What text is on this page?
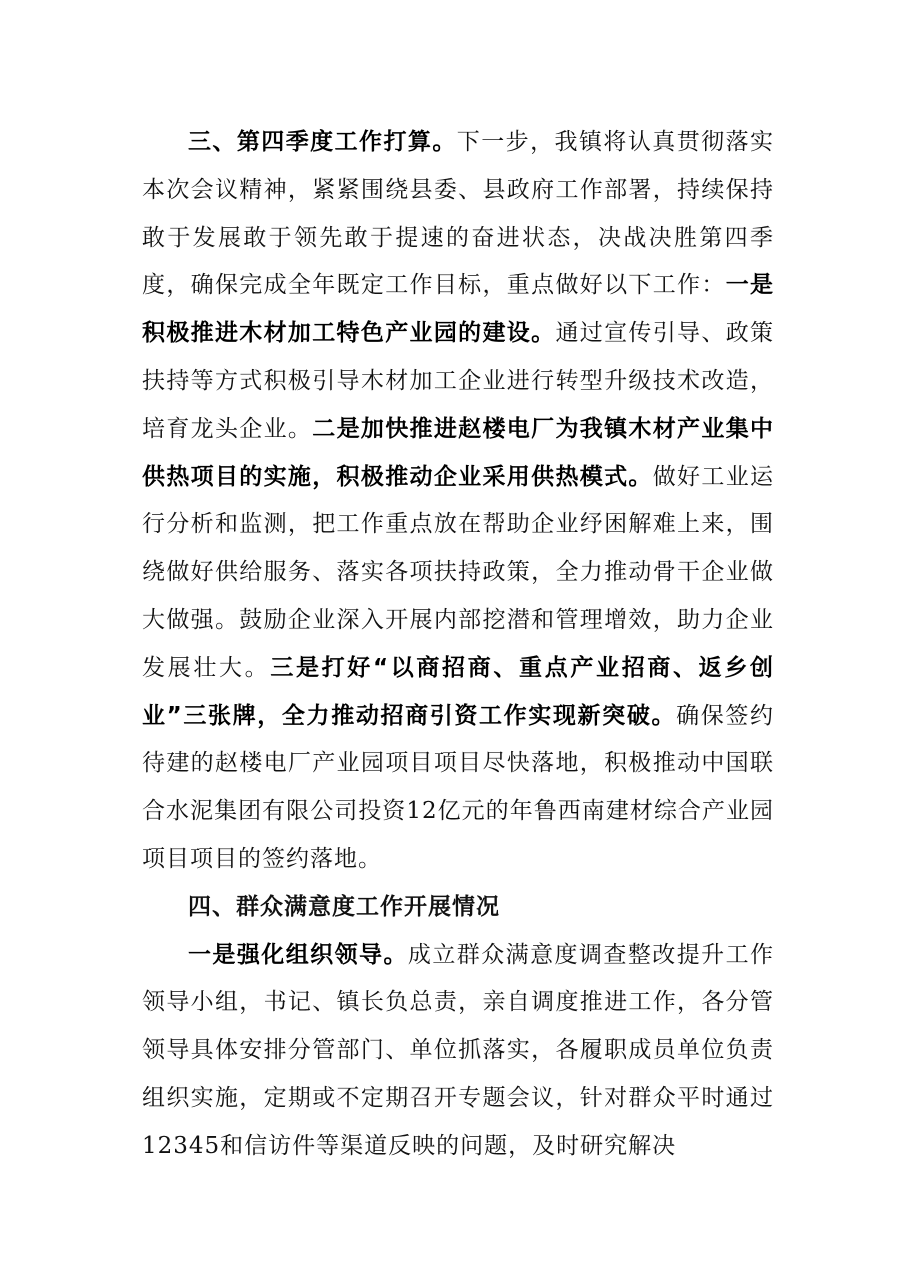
三、第四季度工作打算。下一步，我镇将认真贯彻落实本次会议精神，紧紧围绕县委、县政府工作部署，持续保持敢于发展敢于领先敢于提速的奋进状态，决战决胜第四季度，确保完成全年既定工作目标，重点做好以下工作：一是积极推进木材加工特色产业园的建设。通过宣传引导、政策扶持等方式积极引导木材加工企业进行转型升级技术改造，培育龙头企业。二是加快推进赵楼电厂为我镇木材产业集中供热项目的实施，积极推动企业采用供热模式。做好工业运行分析和监测，把工作重点放在帮助企业纾困解难上来，围绕做好供给服务、落实各项扶持政策，全力推动骨干企业做大做强。鼓励企业深入开展内部挖潜和管理增效，助力企业发展壮大。三是打好“以商招商、重点产业招商、返乡创业”三张牌，全力推动招商引资工作实现新突破。确保签约待建的赵楼电厂产业园项目项目尽快落地，积极推动中国联合水泥集团有限公司投资12亿元的年鲁西南建材综合产业园项目项目的签约落地。

四、群众满意度工作开展情况

一是强化组织领导。成立群众满意度调查整改提升工作领导小组，书记、镇长负总责，亲自调度推进工作，各分管领导具体安排分管部门、单位抓落实，各履职成员单位负责组织实施，定期或不定期召开专题会议，针对群众平时通过12345和信访件等渠道反映的问题，及时研究解决
